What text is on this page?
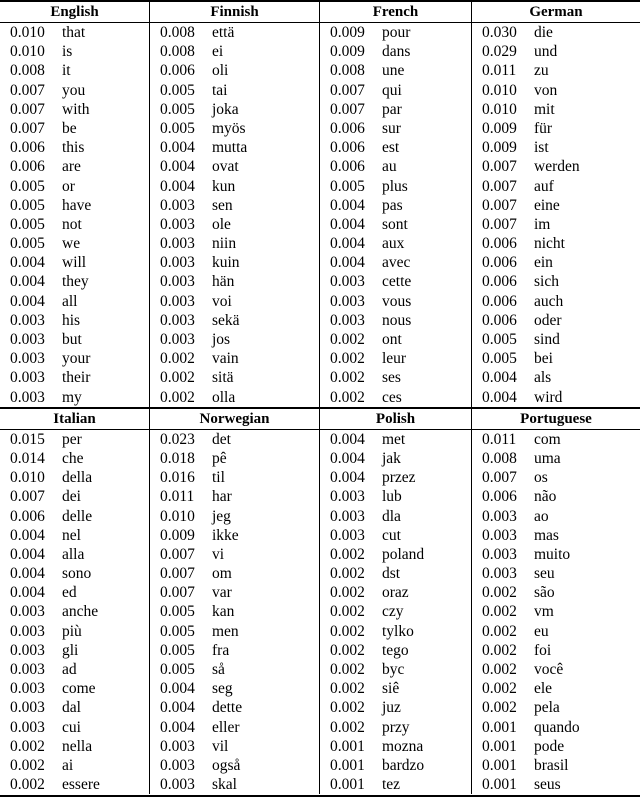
English
0.010 that
0.010 is
0.008 it
0.007 you
0.007 with
0.007 be
0.006 this
0.006 are
0.005 or
0.005 have
0.005 not
0.005 we
0.004 will
0.004 they
0.004 all
0.003 his
0.003 but
0.003 your
0.003 their
0.003 my
Finnish
0.008 että
0.008 ei
0.006 oli
0.005 tai
0.005 joka
0.005 myös
0.004 mutta
0.004 ovat
0.004 kun
0.003 sen
0.003 ole
0.003 niin
0.003 kuin
0.003 hän
0.003 voi
0.003 sekä
0.003 jos
0.002 vain
0.002 sitä
0.002 olla
French
0.009 pour
0.009 dans
0.008 une
0.007 qui
0.007 par
0.006 sur
0.006 est
0.006 au
0.005 plus
0.004 pas
0.004 sont
0.004 aux
0.004 avec
0.003 cette
0.003 vous
0.003 nous
0.002 ont
0.002 leur
0.002 ses
0.002 ces
German
0.030 die
0.029 und
0.011 zu
0.010 von
0.010 mit
0.009 für
0.009 ist
0.007 werden
0.007 auf
0.007 eine
0.007 im
0.006 nicht
0.006 ein
0.006 sich
0.006 auch
0.006 oder
0.005 sind
0.005 bei
0.004 als
0.004 wird
Italian
0.015 per
0.014 che
0.010 della
0.007 dei
0.006 delle
0.004 nel
0.004 alla
0.004 sono
0.004 ed
0.003 anche
0.003 più
0.003 gli
0.003 ad
0.003 come
0.003 dal
0.003 cui
0.002 nella
0.002 ai
0.002 essere
Norwegian
0.023 det
0.018 pê
0.016 til
0.011 har
0.010 jeg
0.009 ikke
0.007 vi
0.007 om
0.007 var
0.005 kan
0.005 men
0.005 fra
0.005 så
0.004 seg
0.004 dette
0.004 eller
0.003 vil
0.003 også
0.003 skal
Polish
0.004 met
0.004 jak
0.004 przez
0.003 lub
0.003 dla
0.003 cut
0.002 poland
0.002 dst
0.002 oraz
0.002 czy
0.002 tylko
0.002 tego
0.002 byc
0.002 siê
0.002 juz
0.002 przy
0.001 mozna
0.001 bardzo
0.001 tez
Portuguese
0.011 com
0.008 uma
0.007 os
0.006 não
0.003 ao
0.003 mas
0.003 muito
0.003 seu
0.002 são
0.002 vm
0.002 eu
0.002 foi
0.002 você
0.002 ele
0.002 pela
0.001 quando
0.001 pode
0.001 brasil
0.001 seus
